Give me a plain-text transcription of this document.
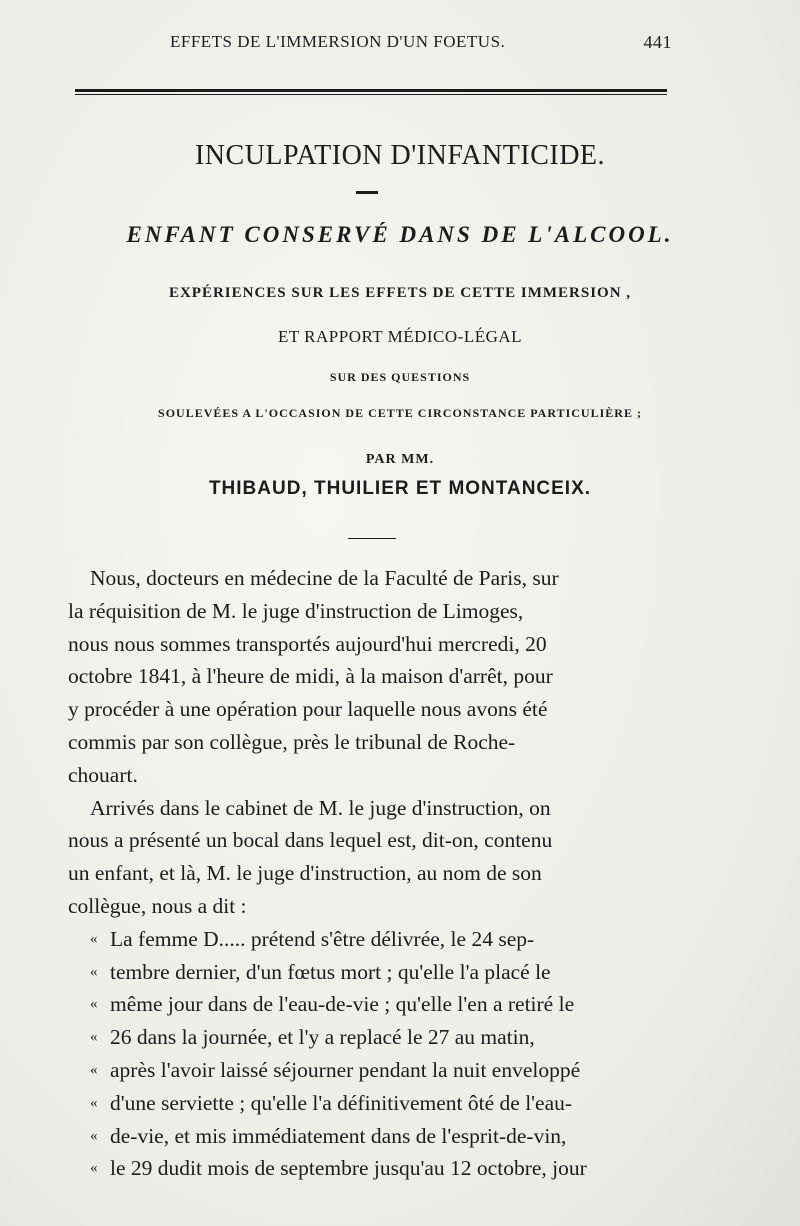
EFFETS DE L'IMMERSION D'UN FOETUS.	441
INCULPATION D'INFANTICIDE.
ENFANT CONSERVÉ DANS DE L'ALCOOL.
EXPÉRIENCES SUR LES EFFETS DE CETTE IMMERSION ,
ET RAPPORT MÉDICO-LÉGAL
SUR DES QUESTIONS
SOULEVÉES A L'OCCASION DE CETTE CIRCONSTANCE PARTICULIÈRE ;
PAR MM.
THIBAUD, THUILIER ET MONTANCEIX.
Nous, docteurs en médecine de la Faculté de Paris, sur
la réquisition de M. le juge d'instruction de Limoges,
nous nous sommes transportés aujourd'hui mercredi, 20
octobre 1841, à l'heure de midi, à la maison d'arrêt, pour
y procéder à une opération pour laquelle nous avons été
commis par son collègue, près le tribunal de Roche-
chouart.
Arrivés dans le cabinet de M. le juge d'instruction, on
nous a présenté un bocal dans lequel est, dit-on, contenu
un enfant, et là, M. le juge d'instruction, au nom de son
collègue, nous a dit :
« La femme D..... prétend s'être délivrée, le 24 sep-
« tembre dernier, d'un fœtus mort ; qu'elle l'a placé le
« même jour dans de l'eau-de-vie ; qu'elle l'en a retiré le
« 26 dans la journée, et l'y a replacé le 27 au matin,
« après l'avoir laissé séjourner pendant la nuit enveloppé
« d'une serviette ; qu'elle l'a définitivement ôté de l'eau-
« de-vie, et mis immédiatement dans de l'esprit-de-vin,
« le 29 dudit mois de septembre jusqu'au 12 octobre, jour
